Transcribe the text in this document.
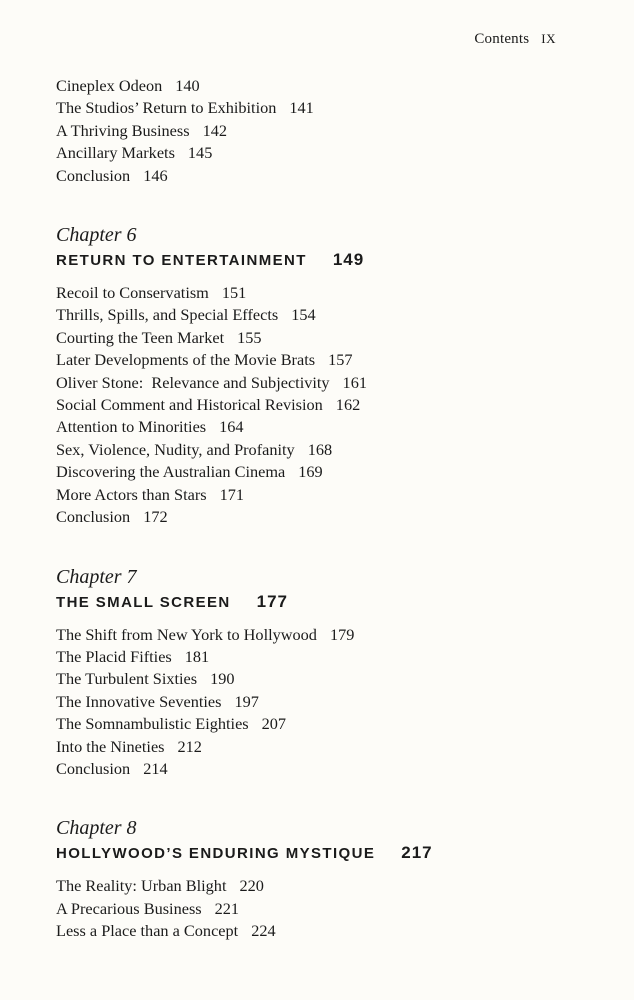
Contents IX

Cineplex Odeon 140

The Studios’ Return to Exhibition 141

A Thriving Business 142

Ancillary Markets 145

Conclusion 146

Chapter 6

RETURN TO ENTERTAINMENT 149

Recoil to Conservatism 151

Thrills, Spills, and Special Effects 154

Courting the Teen Market 155

Later Developments of the Movie Brats 157

Oliver Stone:  Relevance and Subjectivity 161

Social Comment and Historical Revision 162

Attention to Minorities 164

Sex, Violence, Nudity, and Profanity 168

Discovering the Australian Cinema 169

More Actors than Stars 171

Conclusion 172

Chapter 7

THE SMALL SCREEN 177

The Shift from New York to Hollywood 179

The Placid Fifties 181

The Turbulent Sixties 190

The Innovative Seventies 197

The Somnambulistic Eighties 207

Into the Nineties 212

Conclusion 214

Chapter 8

HOLLYWOOD’S ENDURING MYSTIQUE 217

The Reality: Urban Blight 220

A Precarious Business 221

Less a Place than a Concept 224
